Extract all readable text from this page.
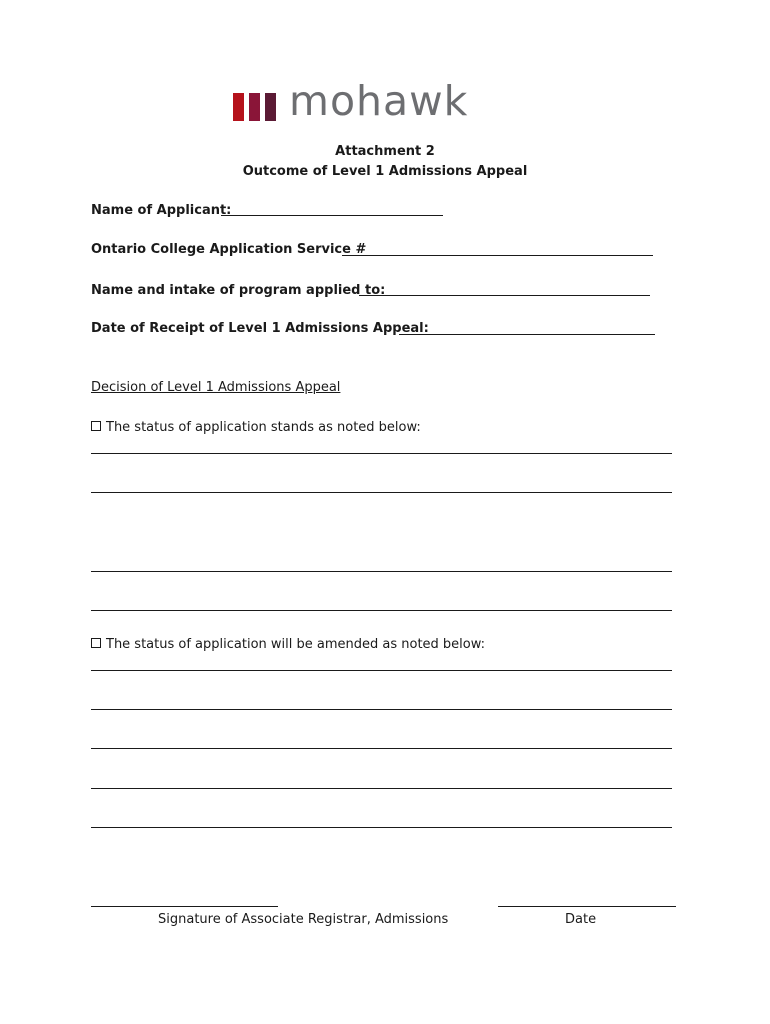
mohawk
Attachment 2
Outcome of Level 1 Admissions Appeal
Name of Applicant:
Ontario College Application Service #
Name and intake of program applied to:
Date of Receipt of Level 1 Admissions Appeal:
Decision of Level 1 Admissions Appeal
The status of application stands as noted below:
The status of application will be amended as noted below:
Signature of Associate Registrar, Admissions	Date
